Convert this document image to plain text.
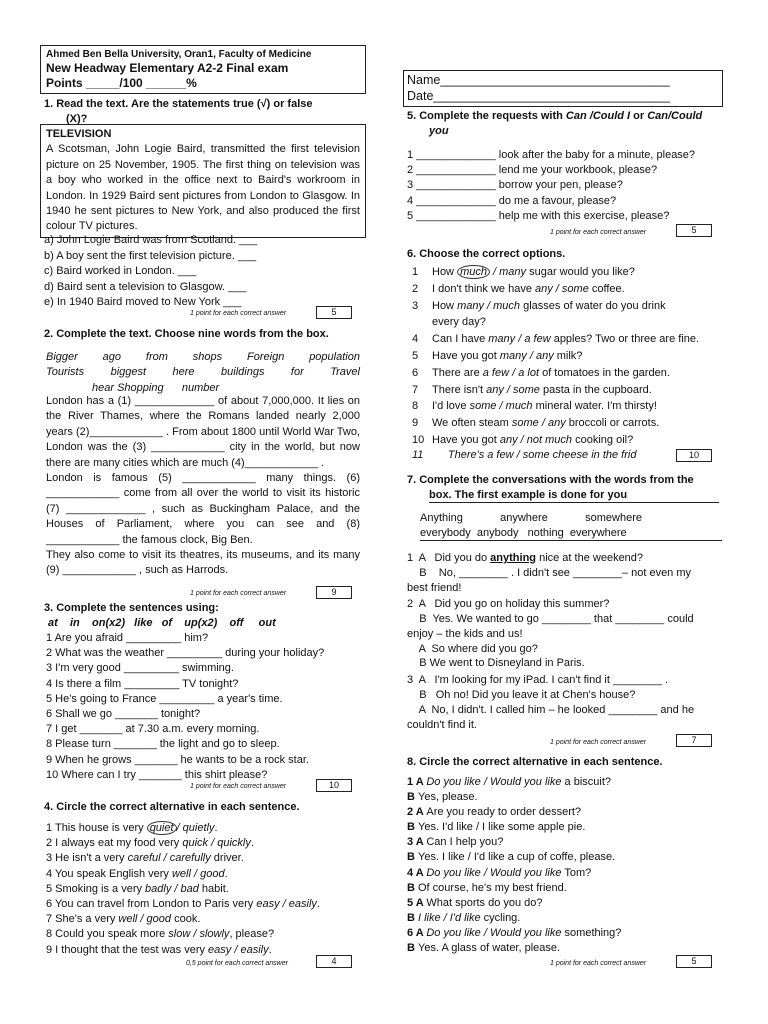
Ahmed Ben Bella University, Oran1, Faculty of Medicine
New Headway Elementary A2-2 Final exam
Points _____/100 ______%
1. Read the text. Are the statements true (√) or false
(X)?
TELEVISION
A Scotsman, John Logie Baird, transmitted the first television picture on 25 November, 1905. The first thing on television was a boy who worked in the office next to Baird's workroom in London. In 1929 Baird sent pictures from London to Glasgow. In 1940 he sent pictures to New York, and also produced the first colour TV pictures.
a) John Logie Baird was from Scotland. ___
b) A boy sent the first television picture. ___
c) Baird worked in London. ___
d) Baird sent a television to Glasgow. ___
e) In 1940 Baird moved to New York ___
1 point for each correct answer	5
2. Complete the text. Choose nine words from the box.
Bigger ago from shops Foreign population
Tourists biggest here buildings for Travel
hear Shopping      number
London has a (1) _____________ of about 7,000,000. It lies on the River Thames, where the Romans landed nearly 2,000 years (2)____________ . From about 1800 until World War Two, London was the (3) ____________ city in the world, but now there are many cities which are much (4)____________ .
London is famous (5) ____________ many things. (6) ____________ come from all over the world to visit its historic (7) _____________ , such as Buckingham Palace, and the Houses of Parliament, where you can see and (8) ____________ the famous clock, Big Ben.
They also come to visit its theatres, its museums, and its many (9) ____________ , such as Harrods.
1 point for each correct answer	9
3. Complete the sentences using:
at    in    on(x2)   like   of    up(x2)    off     out
1 Are you afraid _________ him?
2 What was the weather _________ during your holiday?
3 I'm very good _________ swimming.
4 Is there a film _________ TV tonight?
5 He's going to France _________ a year's time.
6 Shall we go _______ tonight?
7 I get _______ at 7.30 a.m. every morning.
8 Please turn _______ the light and go to sleep.
9 When he grows _______ he wants to be a rock star.
10 Where can I try _______ this shirt please?
1 point for each correct answer	10
4. Circle the correct alternative in each sentence.
1 This house is very quiet / quietly.
2 I always eat my food very quick / quickly.
3 He isn't a very careful / carefully driver.
4 You speak English very well / good.
5 Smoking is a very badly / bad habit.
6 You can travel from London to Paris very easy / easily.
7 She's a very well / good cook.
8 Could you speak more slow / slowly, please?
9 I thought that the test was very easy / easily.
0,5 point for each correct answer	4
Name_________________________________
Date__________________________________
5. Complete the requests with Can /Could I or Can/Could
you
1 _____________ look after the baby for a minute, please?
2 _____________ lend me your workbook, please?
3 _____________ borrow your pen, please?
4 _____________ do me a favour, please?
5 _____________ help me with this exercise, please?
1 point for each correct answer	5
6. Choose the correct options.
1 How much / many sugar would you like?
2 I don't think we have any / some coffee.
3 How many / much glasses of water do you drink
every day?
4 Can I have many / a few apples? Two or three are fine.
5 Have you got many / any milk?
6 There are a few / a lot of tomatoes in the garden.
7 There isn't any / some pasta in the cupboard.
8 I'd love some / much mineral water. I'm thirsty!
9 We often steam some / any broccoli or carrots.
10 Have you got any / not much cooking oil?
11        There's a few / some cheese in the frid	10
7. Complete the conversations with the words from the
box. The first example is done for you
Anything	anywhere	somewhere
everybody  anybody   nothing  everywhere
1  A   Did you do anything nice at the weekend?
B    No, ________ . I didn't see ________– not even my
best friend!
2  A   Did you go on holiday this summer?
B  Yes. We wanted to go ________ that ________ could
enjoy – the kids and us!
A  So where did you go?
B We went to Disneyland in Paris.
3  A   I'm looking for my iPad. I can't find it ________ .
B   Oh no! Did you leave it at Chen's house?
A  No, I didn't. I called him – he looked ________ and he
couldn't find it.
1 point for each correct answer	7
8. Circle the correct alternative in each sentence.
1 A Do you like / Would you like a biscuit?
B Yes, please.
2 A Are you ready to order dessert?
B Yes. I'd like / I like some apple pie.
3 A Can I help you?
B Yes. I like / I'd like a cup of coffe, please.
4 A Do you like / Would you like Tom?
B Of course, he's my best friend.
5 A What sports do you do?
B I like / I'd like cycling.
6 A Do you like / Would you like something?
B Yes. A glass of water, please.
1 point for each correct answer	5
